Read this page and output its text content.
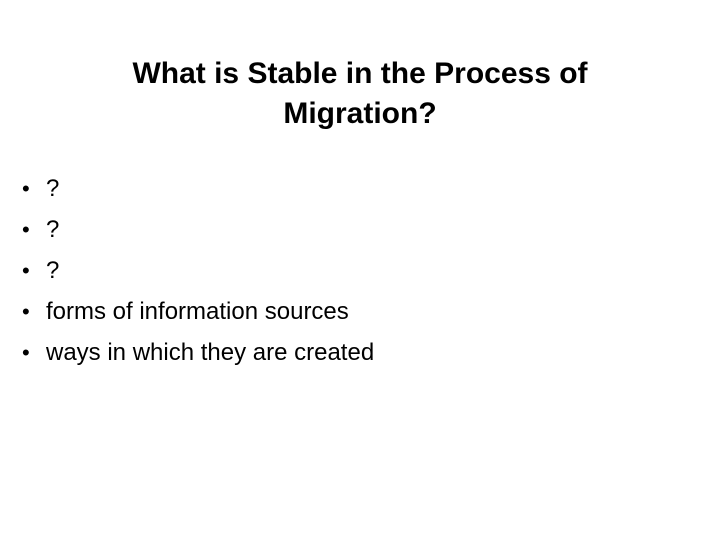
What is Stable in the Process of
Migration?
• ?
• ?
• ?
• forms of information sources
• ways in which they are created
